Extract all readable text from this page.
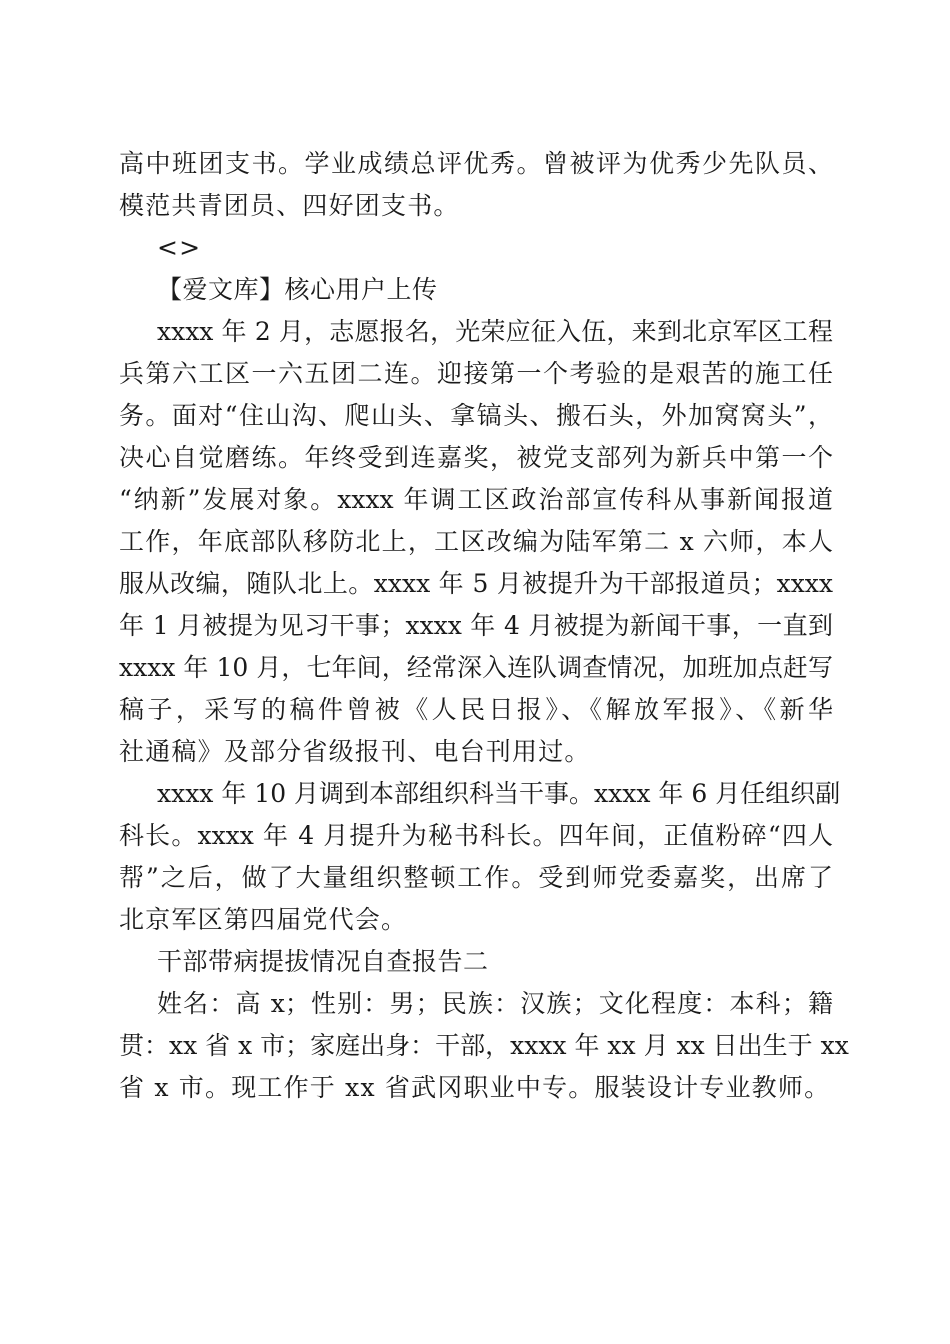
高中班团支书。学业成绩总评优秀。曾被评为优秀少先队员、
模范共青团员、四好团支书。
<>
【爱文库】核心用户上传
xxxx 年 2 月，志愿报名，光荣应征入伍，来到北京军区工程
兵第六工区一六五团二连。迎接第一个考验的是艰苦的施工任
务。面对“住山沟、爬山头、拿镐头、搬石头，外加窝窝头”，
决心自觉磨练。年终受到连嘉奖，被党支部列为新兵中第一个
“纳新”发展对象。xxxx 年调工区政治部宣传科从事新闻报道
工作，年底部队移防北上，工区改编为陆军第二 x 六师，本人
服从改编，随队北上。xxxx 年 5 月被提升为干部报道员；xxxx
年 1 月被提为见习干事；xxxx 年 4 月被提为新闻干事，一直到
xxxx 年 10 月，七年间，经常深入连队调查情况，加班加点赶写
稿子，采写的稿件曾被《人民日报》、《解放军报》、《新华
社通稿》及部分省级报刊、电台刊用过。
xxxx 年 10 月调到本部组织科当干事。xxxx 年 6 月任组织副
科长。xxxx 年 4 月提升为秘书科长。四年间，正值粉碎“四人
帮”之后，做了大量组织整顿工作。受到师党委嘉奖，出席了
北京军区第四届党代会。
干部带病提拔情况自查报告二
姓名：高 x；性别：男；民族：汉族；文化程度：本科；籍
贯：xx 省 x 市；家庭出身：干部，xxxx 年 xx 月 xx 日出生于 xx
省 x 市。现工作于 xx 省武冈职业中专。服装设计专业教师。
